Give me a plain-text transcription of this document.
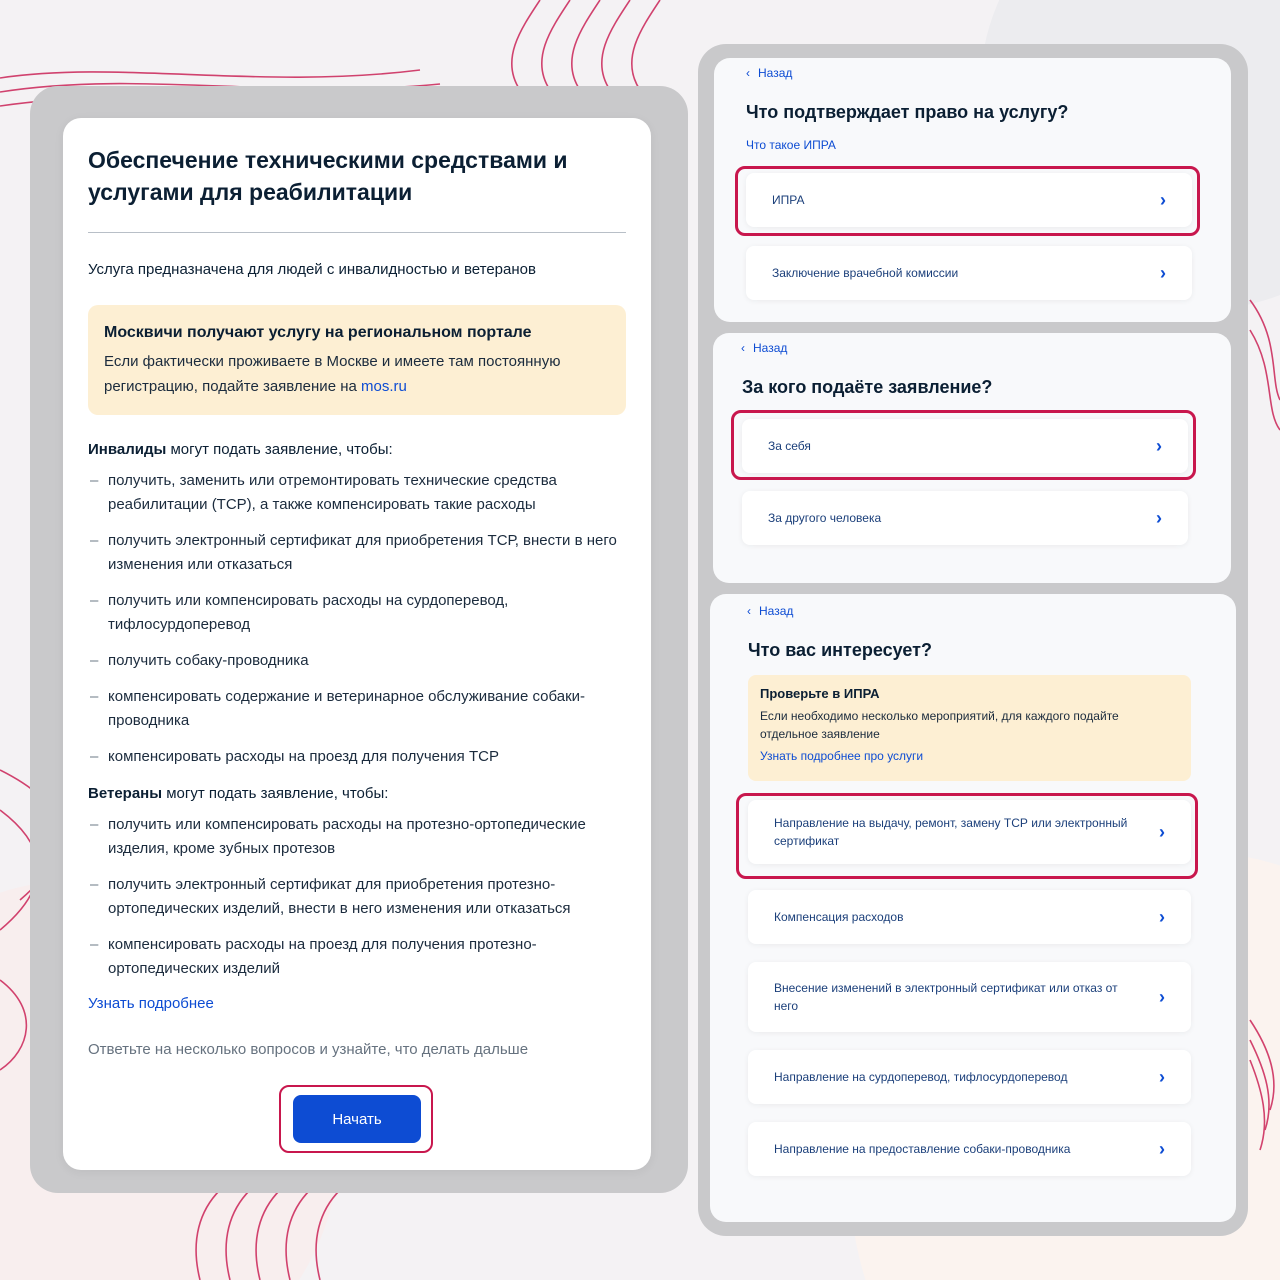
Обеспечение техническими средствами и услугами для реабилитации

Услуга предназначена для людей с инвалидностью и ветеранов

Москвичи получают услугу на региональном портале
Если фактически проживаете в Москве и имеете там постоянную регистрацию, подайте заявление на mos.ru

Инвалиды могут подать заявление, чтобы:

– получить, заменить или отремонтировать технические средства реабилитации (ТСР), а также компенсировать такие расходы
– получить электронный сертификат для приобретения ТСР, внести в него изменения или отказаться
– получить или компенсировать расходы на сурдоперевод, тифлосурдоперевод
– получить собаку-проводника
– компенсировать содержание и ветеринарное обслуживание собаки-проводника
– компенсировать расходы на проезд для получения ТСР

Ветераны могут подать заявление, чтобы:

– получить или компенсировать расходы на протезно-ортопедические изделия, кроме зубных протезов
– получить электронный сертификат для приобретения протезно-ортопедических изделий, внести в него изменения или отказаться
– компенсировать расходы на проезд для получения протезно-ортопедических изделий
Узнать подробнее

Ответьте на несколько вопросов и узнайте, что делать дальше

Начать
‹ Назад
Что подтверждает право на услугу?
Что такое ИПРА
ИПРА	›
Заключение врачебной комиссии	›
‹ Назад
За кого подаёте заявление?
За себя	›
За другого человека	›
‹ Назад
Что вас интересует?
Проверьте в ИПРА
Если необходимо несколько мероприятий, для каждого подайте отдельное заявление
Узнать подробнее про услуги
Направление на выдачу, ремонт, замену ТСР или электронный сертификат	›
Компенсация расходов	›
Внесение изменений в электронный сертификат или отказ от него	›
Направление на сурдоперевод, тифлосурдоперевод	›
Направление на предоставление собаки-проводника	›
